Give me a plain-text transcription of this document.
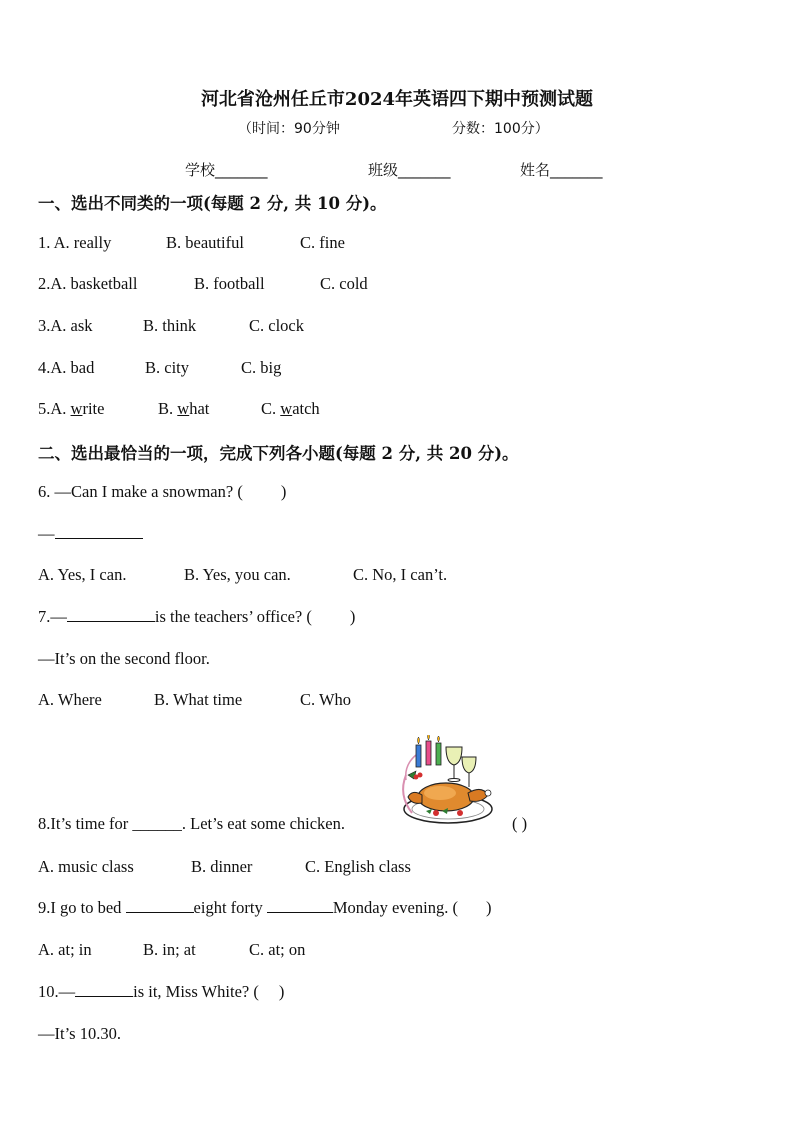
河北省沧州任丘市2024年英语四下期中预测试题
（时间：90分钟	分数：100分）
学校_______	班级_______	姓名_______
一、选出不同类的一项(每题 2 分, 共 10 分)。
1. A. really	B. beautiful	C. fine
2.A. basketball	B. football	C. cold
3.A. ask	B. think	C. clock
4.A. bad	B. city	C. big
5.A. write	B. what	C. watch
二、选出最恰当的一项，完成下列各小题(每题 2 分, 共 20 分)。
6. —Can I make a snowman? ( )
—
A. Yes, I can.	B. Yes, you can.	C. No, I can’t.
7.—	is the teachers’ office? ( )
—It’s on the second floor.
A. Where	B. What time	C. Who
8.It’s time for ______. Let’s eat some chicken.	( )
A. music class	B. dinner	C. English class
9.I go to bed	eight forty	Monday evening. ( )
A. at; in	B. in; at	C. at; on
10.—	is it, Miss White? ( )
—It’s 10.30.
